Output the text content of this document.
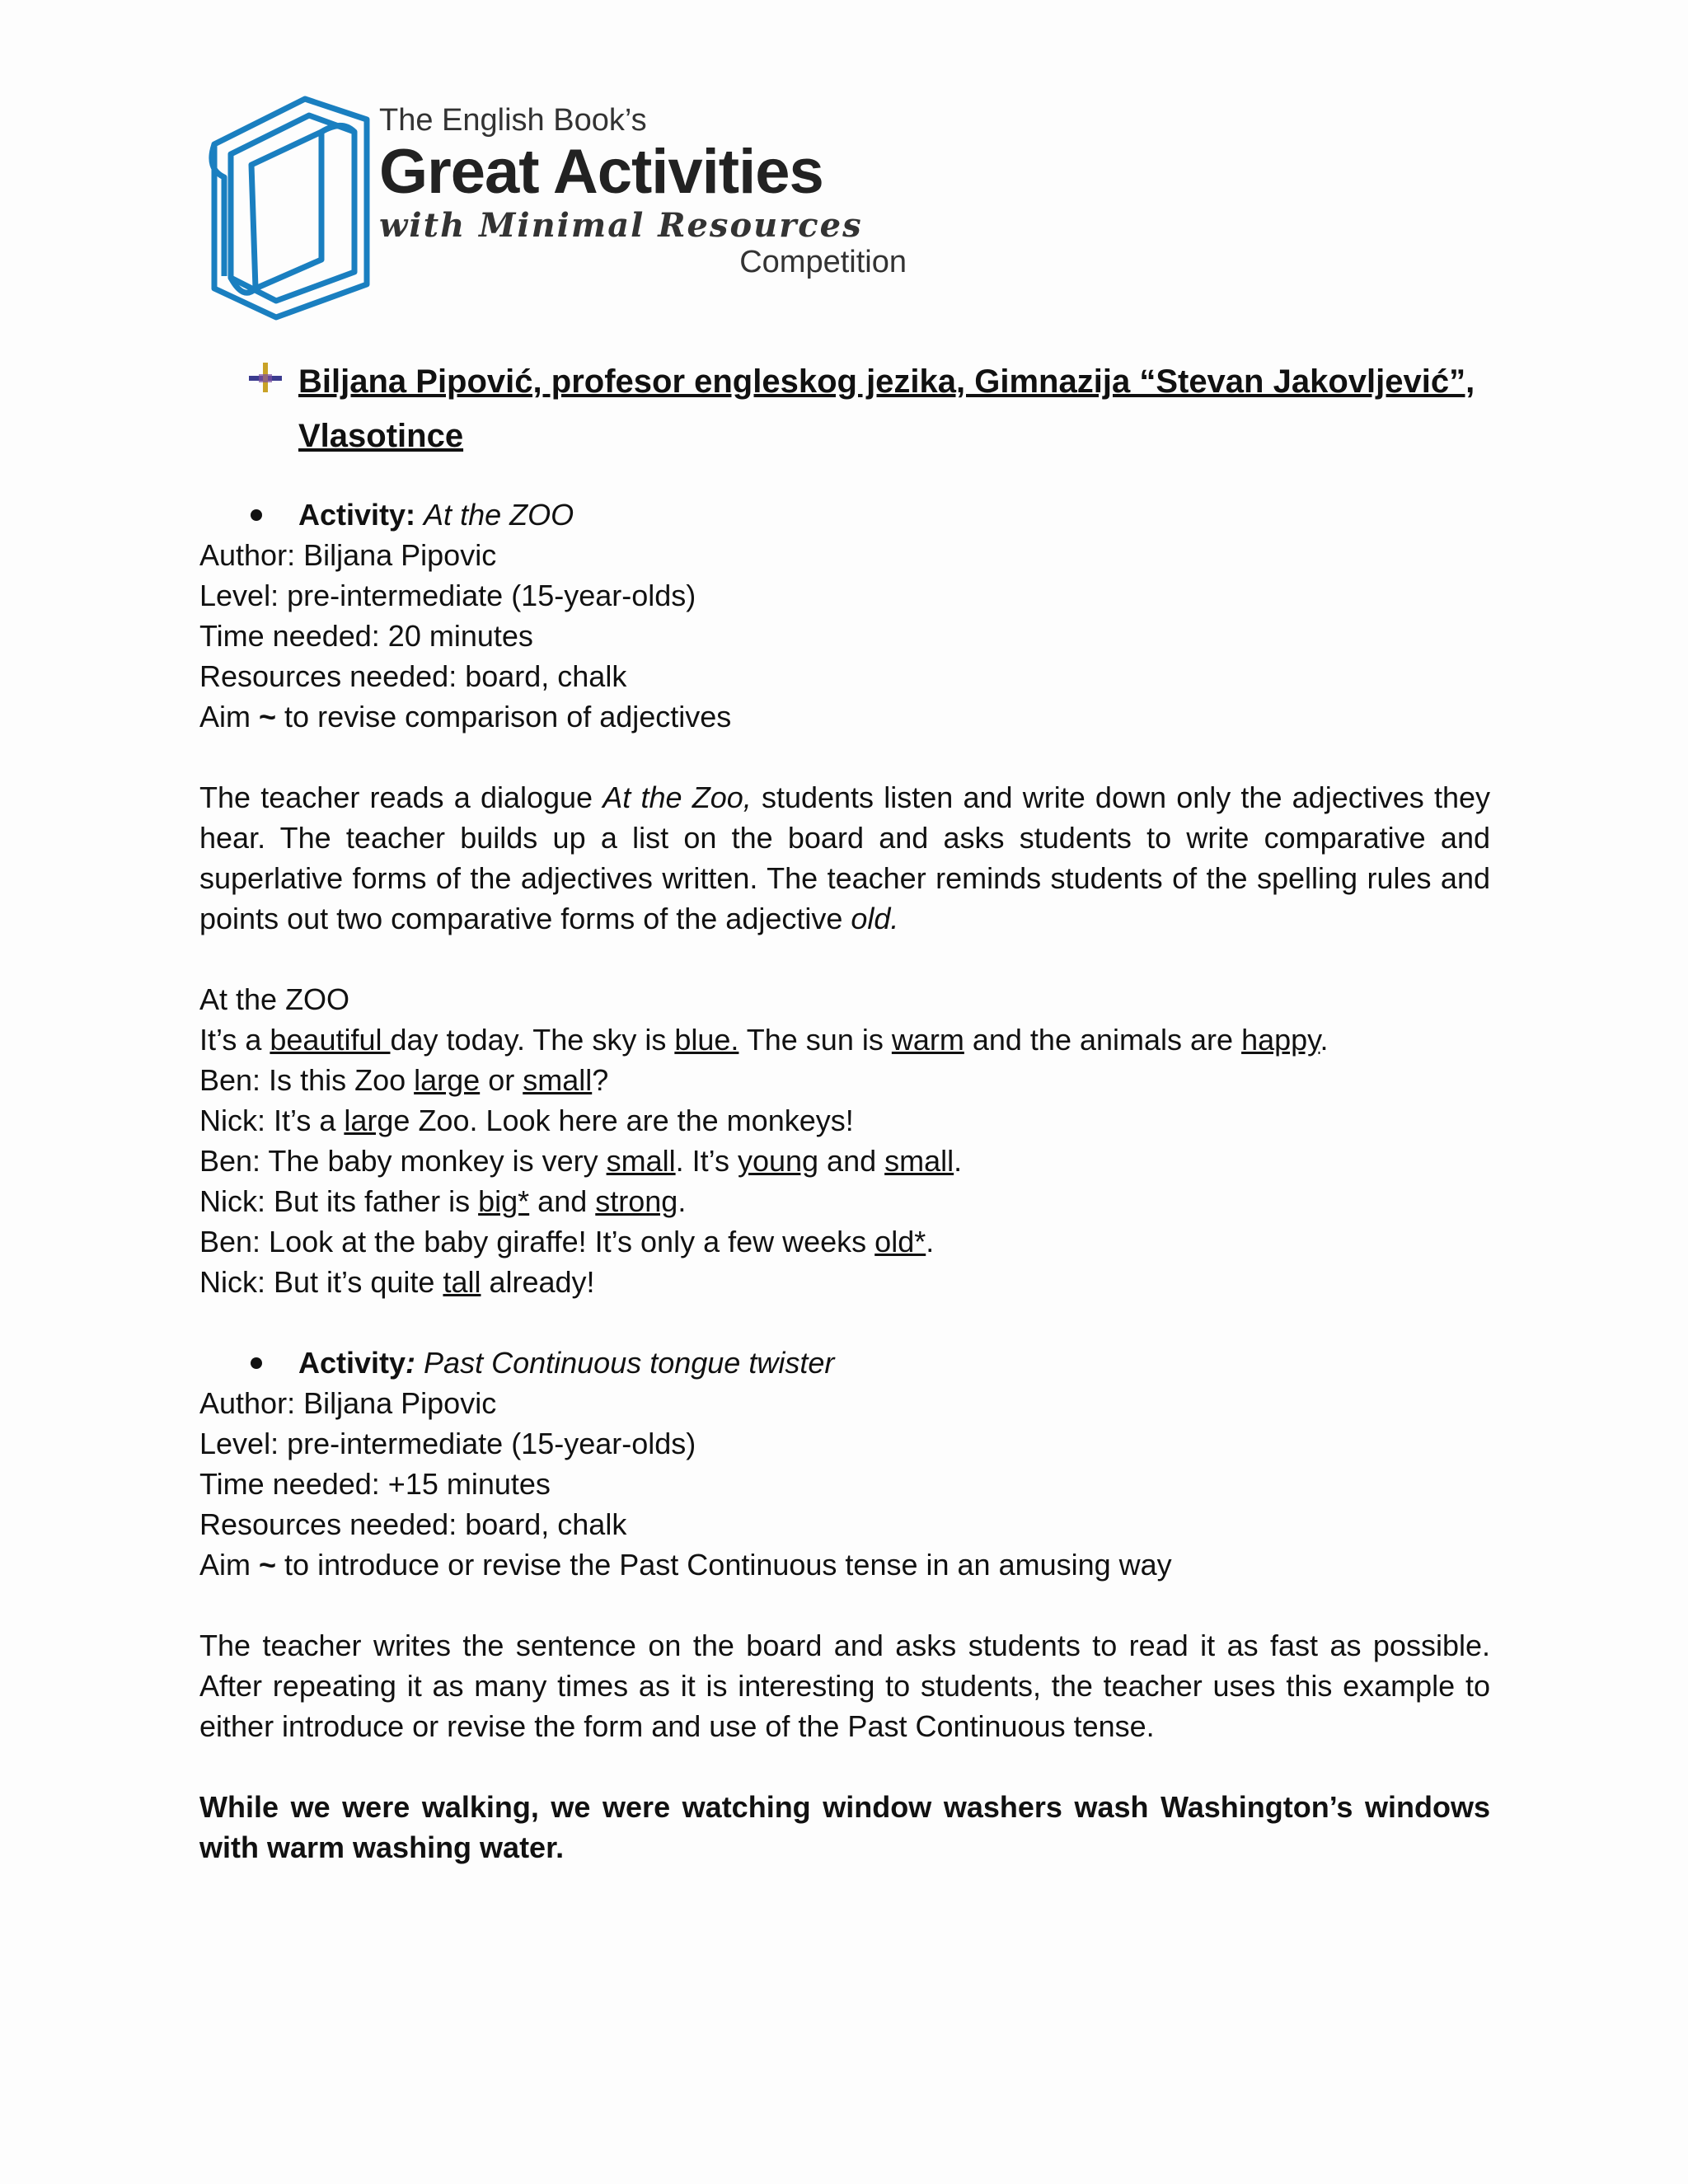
The English Book’s
Great Activities
with Minimal Resources
Competition
Biljana Pipović, profesor engleskog jezika, Gimnazija “Stevan Jakovljević”, Vlasotince
Activity: At the ZOO
Author: Biljana Pipovic
Level: pre-intermediate (15-year-olds)
Time needed: 20 minutes
Resources needed: board, chalk
Aim ~ to revise comparison of adjectives
The teacher reads a dialogue At the Zoo, students listen and write down only the adjectives they hear. The teacher builds up a list on the board and asks students to write comparative and superlative forms of the adjectives written. The teacher reminds students of the spelling rules and points out two comparative forms of the adjective old.
At the ZOO
It’s a beautiful day today. The sky is blue. The sun is warm and the animals are happy.
Ben: Is this Zoo large or small?
Nick: It’s a large Zoo. Look here are the monkeys!
Ben: The baby monkey is very small. It’s young and small.
Nick: But its father is big* and strong.
Ben: Look at the baby giraffe! It’s only a few weeks old*.
Nick: But it’s quite tall already!
Activity: Past Continuous tongue twister
Author: Biljana Pipovic
Level: pre-intermediate (15-year-olds)
Time needed: +15 minutes
Resources needed: board, chalk
Aim ~ to introduce or revise the Past Continuous tense in an amusing way
The teacher writes the sentence on the board and asks students to read it as fast as possible. After repeating it as many times as it is interesting to students, the teacher uses this example to either introduce or revise the form and use of the Past Continuous tense.
While we were walking, we were watching window washers wash Washington’s windows with warm washing water.
